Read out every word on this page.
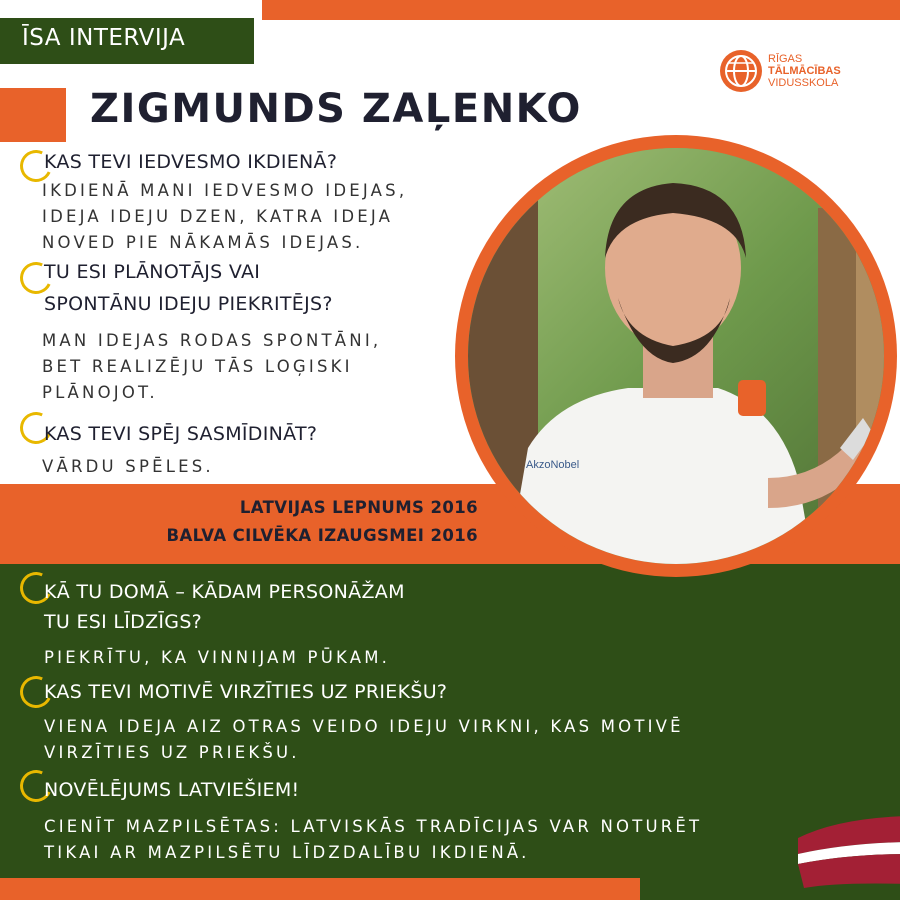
ĪSA INTERVIJA
ZIGMUNDS ZAĻENKO
RĪGAS
TĀLMĀCĪBAS
VIDUSSKOLA
LATVIJAS LEPNUMS 2016
BALVA CILVĒKA IZAUGSMEI 2016
AkzoNobel
KAS TEVI IEDVESMO IKDIENĀ?
IKDIENĀ MANI IEDVESMO IDEJAS,
IDEJA IDEJU DZEN, KATRA IDEJA
NOVED PIE NĀKAMĀS IDEJAS.
TU ESI PLĀNOTĀJS VAI
SPONTĀNU IDEJU PIEKRITĒJS?
MAN IDEJAS RODAS SPONTĀNI,
BET REALIZĒJU TĀS LOĢISKI
PLĀNOJOT.
KAS TEVI SPĒJ SASMĪDINĀT?
VĀRDU SPĒLES.
KĀ TU DOMĀ – KĀDAM PERSONĀŽAM
TU ESI LĪDZĪGS?
PIEKRĪTU, KA VINNIJAM PŪKAM.
KAS TEVI MOTIVĒ VIRZĪTIES UZ PRIEKŠU?
VIENA IDEJA AIZ OTRAS VEIDO IDEJU VIRKNI, KAS MOTIVĒ
VIRZĪTIES UZ PRIEKŠU.
NOVĒLĒJUMS LATVIEŠIEM!
CIENĪT MAZPILSĒTAS: LATVISKĀS TRADĪCIJAS VAR NOTURĒT
TIKAI AR MAZPILSĒTU LĪDZDALĪBU IKDIENĀ.
